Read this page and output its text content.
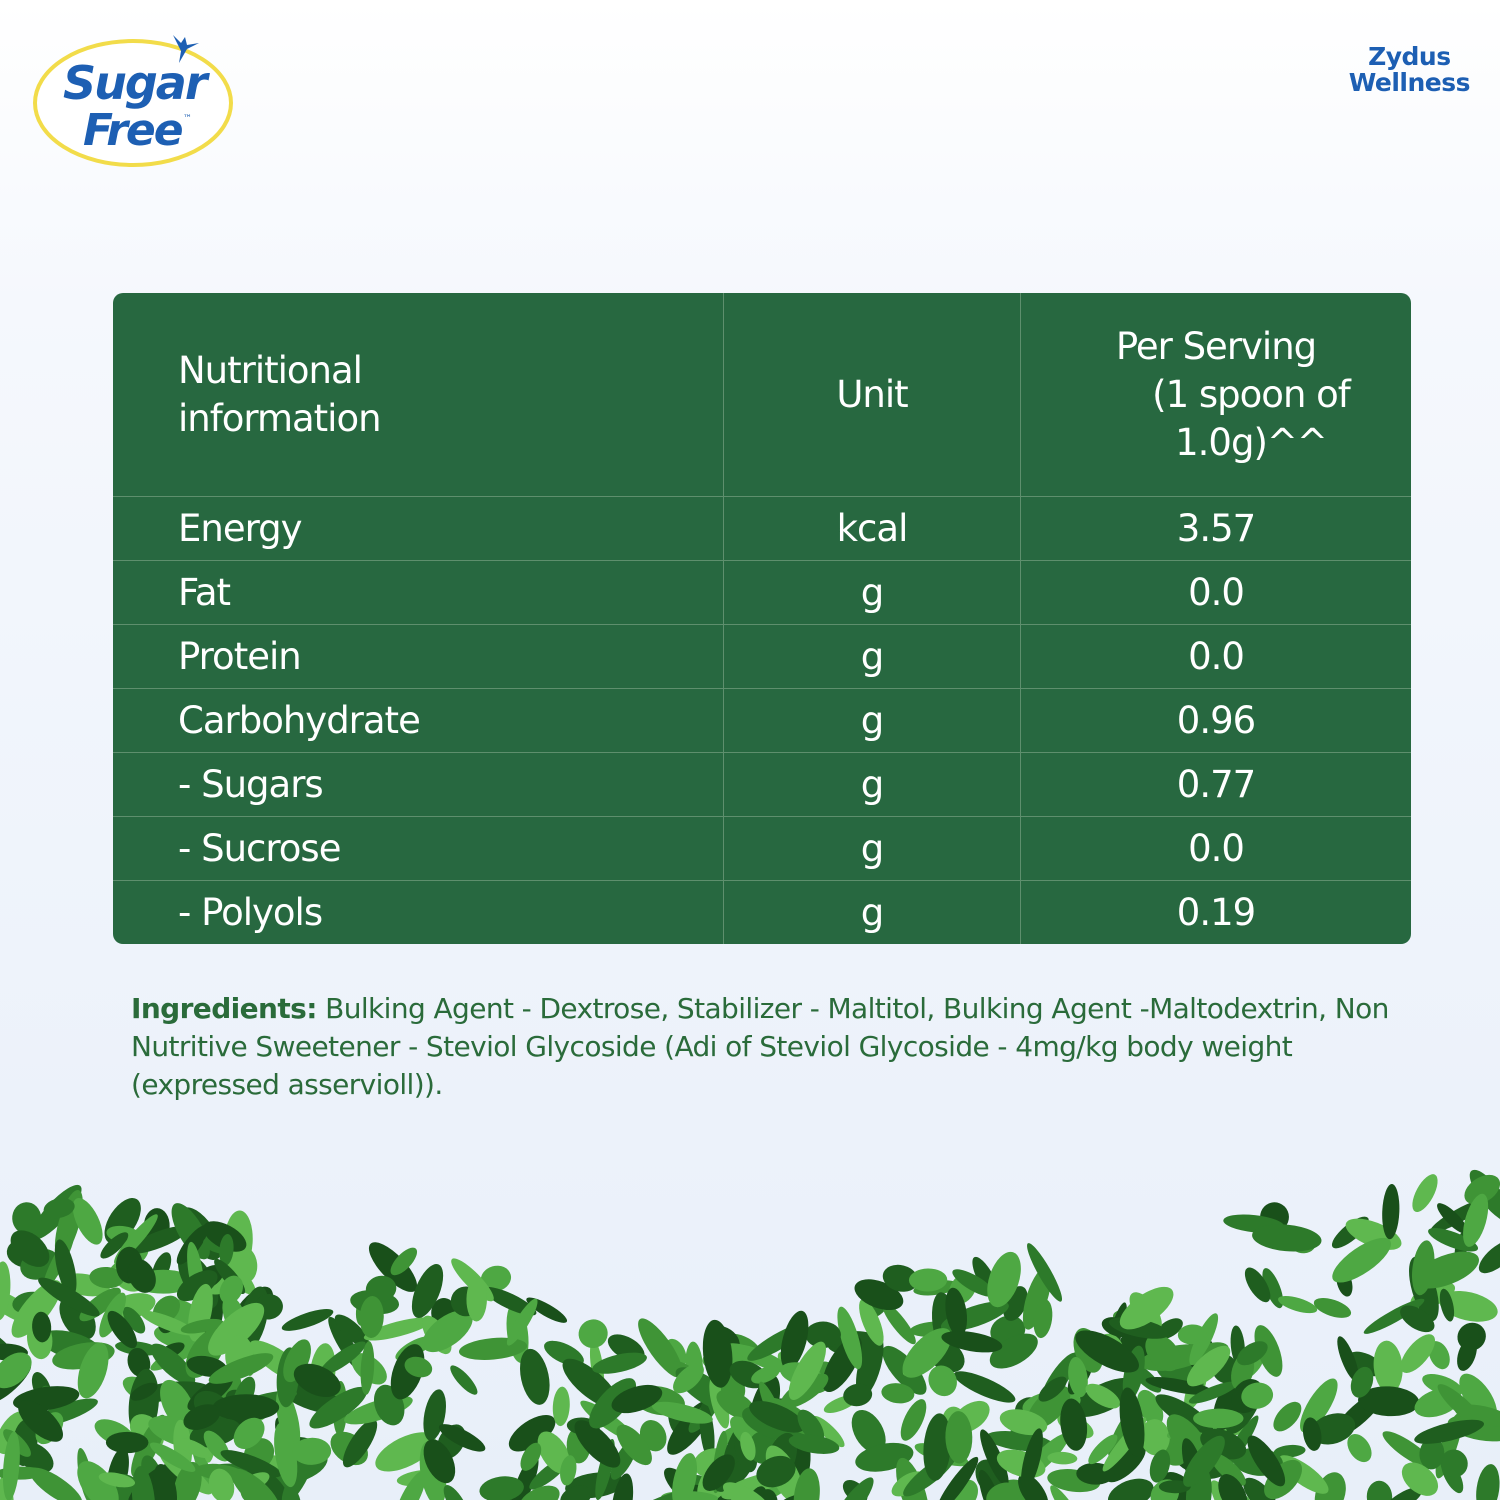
Sugar
Free ™
Zydus
Wellness
Nutritional information	Unit	Per Serving
(1 spoon of 1.0g)^^

Energy	kcal	3.57
Fat	g	0.0
Protein	g	0.0
Carbohydrate	g	0.96
- Sugars	g	0.77
- Sucrose	g	0.0
- Polyols	g	0.19
Ingredients: Bulking Agent - Dextrose, Stabilizer - Maltitol, Bulking Agent -Maltodextrin, Non Nutritive Sweetener - Steviol Glycoside (Adi of Steviol Glycoside - 4mg/kg body weight (expressed asservioll)).
